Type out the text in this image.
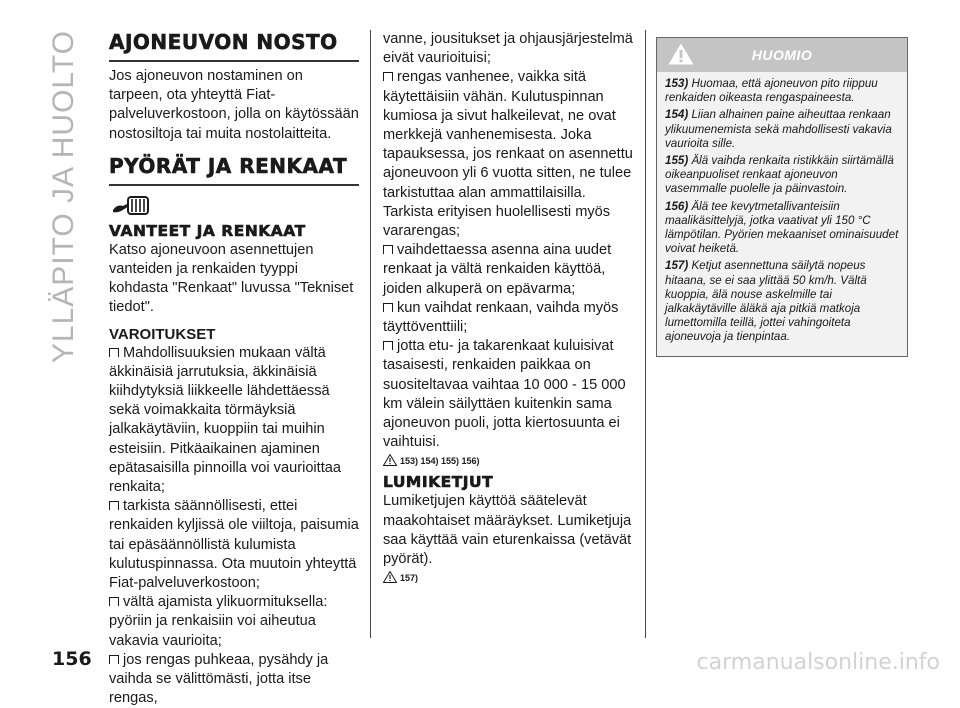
YLLÄPITO JA HUOLTO AJONEUVON NOSTO

Jos ajoneuvon nostaminen on tarpeen, ota yhteyttä Fiat-palveluverkostoon, jolla on käytössään nostosiltoja tai muita nostolaitteita.

PYÖRÄT JA RENKAAT
VANTEET JA RENKAAT

Katso ajoneuvoon asennettujen vanteiden ja renkaiden tyyppi kohdasta "Renkaat" luvussa "Tekniset tiedot".

VAROITUKSET

Mahdollisuuksien mukaan vältä äkkinäisiä jarrutuksia, äkkinäisiä kiihdytyksiä liikkeelle lähdettäessä sekä voimakkaita törmäyksiä jalkakäytäviin, kuoppiin tai muihin esteisiin. Pitkäaikainen ajaminen epätasaisilla pinnoilla voi vaurioittaa renkaita;

tarkista säännöllisesti, ettei renkaiden kyljissä ole viiltoja, paisumia tai epäsäännöllistä kulumista kulutuspinnassa. Ota muutoin yhteyttä Fiat-palveluverkostoon;

vältä ajamista ylikuormituksella: pyöriin ja renkaisiin voi aiheutua vakavia vaurioita;

jos rengas puhkeaa, pysähdy ja vaihda se välittömästi, jotta itse rengas,

vanne, jousitukset ja ohjausjärjestelmä eivät vaurioituisi;

rengas vanhenee, vaikka sitä käytettäisiin vähän. Kulutuspinnan kumiosa ja sivut halkeilevat, ne ovat merkkejä vanhenemisesta. Joka tapauksessa, jos renkaat on asennettu ajoneuvoon yli 6 vuotta sitten, ne tulee tarkistuttaa alan ammattilaisilla. Tarkista erityisen huolellisesti myös vararengas;

vaihdettaessa asenna aina uudet renkaat ja vältä renkaiden käyttöä, joiden alkuperä on epävarma;

kun vaihdat renkaan, vaihda myös täyttöventtiili;

jotta etu- ja takarenkaat kuluisivat tasaisesti, renkaiden paikkaa on suositeltavaa vaihtaa 10 000 - 15 000 km välein säilyttäen kuitenkin sama ajoneuvon puoli, jotta kiertosuunta ei vaihtuisi.

153) 154) 155) 156)
LUMIKETJUT

Lumiketjujen käyttöä säätelevät maakohtaiset määräykset. Lumiketjuja saa käyttää vain eturenkaissa (vetävät pyörät).

157)
HUOMIO

153) Huomaa, että ajoneuvon pito riippuu renkaiden oikeasta rengaspaineesta.

154) Liian alhainen paine aiheuttaa renkaan ylikuumenemista sekä mahdollisesti vakavia vaurioita sille.

155) Älä vaihda renkaita ristikkäin siirtämällä oikeanpuoliset renkaat ajoneuvon vasemmalle puolelle ja päinvastoin.

156) Älä tee kevytmetallivanteisiin maalikäsittelyjä, jotka vaativat yli 150 °C lämpötilan. Pyörien mekaaniset ominaisuudet voivat heiketä.

157) Ketjut asennettuna säilytä nopeus hitaana, se ei saa ylittää 50 km/h. Vältä kuoppia, älä nouse askelmille tai jalkakäytäville äläkä aja pitkiä matkoja lumettomilla teillä, jottei vahingoiteta ajoneuvoja ja tienpintaa.

156	carmanualsonline.info
